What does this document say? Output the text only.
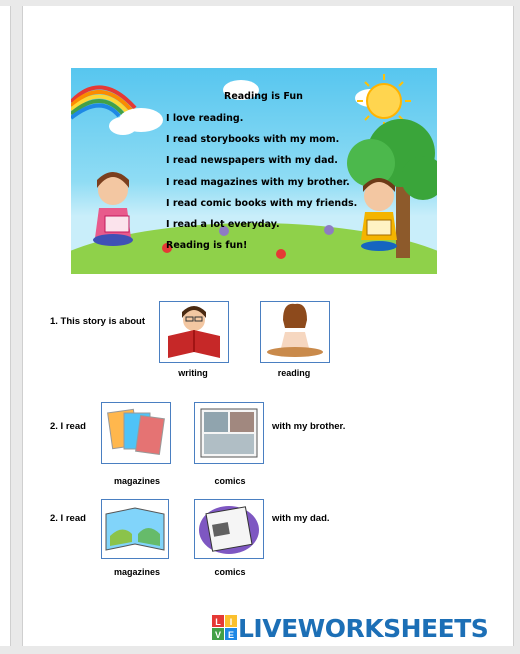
Reading is Fun
I love reading.
I read storybooks with my mom.
I read newspapers with my dad.
I read magazines with my brother.
I read comic books with my friends.
I read a lot everyday.
Reading is fun!
1. This story is about
writing	reading
2. I read
magazines	comics
with my brother.
2. I read
magazines	comics
with my dad.
L I
V E LIVEWORKSHEETS
